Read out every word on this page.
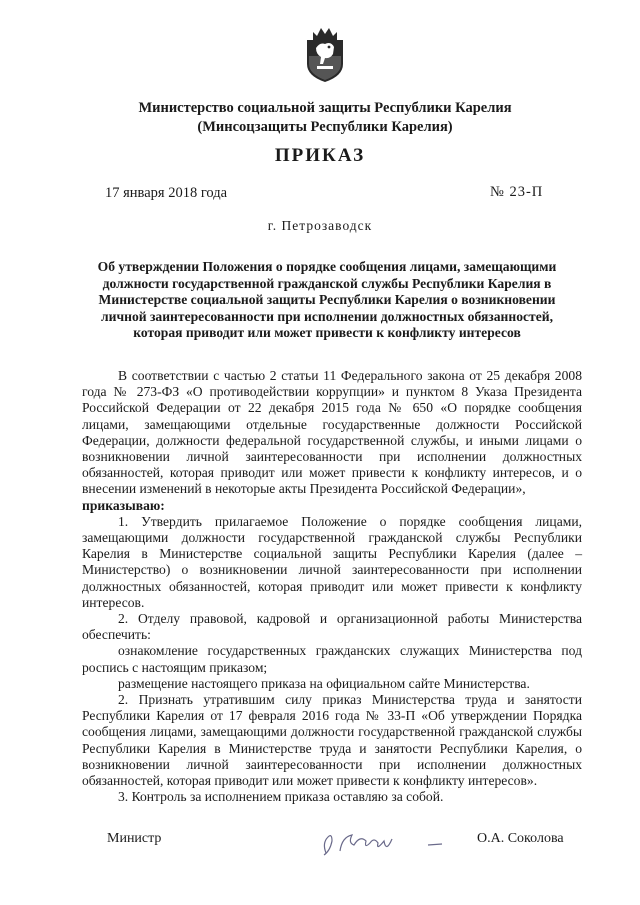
Министерство социальной защиты Республики Карелия
(Минсоцзащиты Республики Карелия)
ПРИКАЗ
17 января 2018 года	№ 23-П
г. Петрозаводск
Об утверждении Положения о порядке сообщения лицами, замещающими должности государственной гражданской службы Республики Карелия в Министерстве социальной защиты Республики Карелия о возникновении личной заинтересованности при исполнении должностных обязанностей, которая приводит или может привести к конфликту интересов

В соответствии с частью 2 статьи 11 Федерального закона от 25 декабря 2008 года № 273-ФЗ «О противодействии коррупции» и пунктом 8 Указа Президента Российской Федерации от 22 декабря 2015 года № 650 «О порядке сообщения лицами, замещающими отдельные государственные должности Российской Федерации, должности федеральной государственной службы, и иными лицами о возникновении личной заинтересованности при исполнении должностных обязанностей, которая приводит или может привести к конфликту интересов, и о внесении изменений в некоторые акты Президента Российской Федерации»,

приказываю:

1. Утвердить прилагаемое Положение о порядке сообщения лицами, замещающими должности государственной гражданской службы Республики Карелия в Министерстве социальной защиты Республики Карелия (далее – Министерство) о возникновении личной заинтересованности при исполнении должностных обязанностей, которая приводит или может привести к конфликту интересов.

2. Отделу правовой, кадровой и организационной работы Министерства обеспечить:

ознакомление государственных гражданских служащих Министерства под роспись с настоящим приказом;

размещение настоящего приказа на официальном сайте Министерства.

2. Признать утратившим силу приказ Министерства труда и занятости Республики Карелия от 17 февраля 2016 года № 33-П «Об утверждении Порядка сообщения лицами, замещающими должности государственной гражданской службы Республики Карелия в Министерстве труда и занятости Республики Карелия, о возникновении личной заинтересованности при исполнении должностных обязанностей, которая приводит или может привести к конфликту интересов».

3. Контроль за исполнением приказа оставляю за собой.

Министр	О.А. Соколова
